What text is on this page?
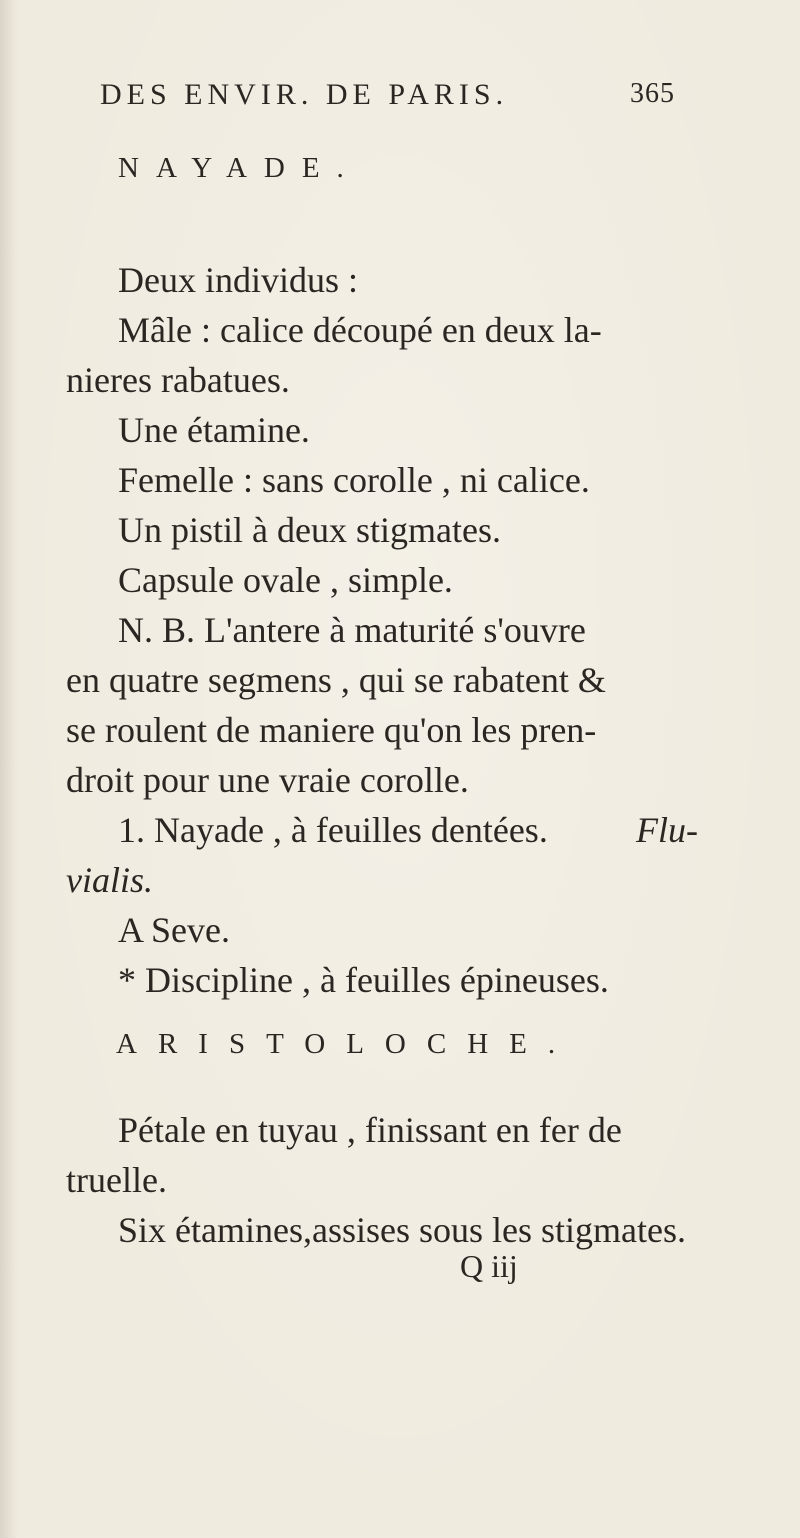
DES ENVIR. DE PARIS.	365
NAYADE.
Deux individus :
Mâle : calice découpé en deux la-
nieres rabatues.
Une étamine.
Femelle : sans corolle , ni calice.
Un pistil à deux stigmates.
Capsule ovale , simple.
N. B. L'antere à maturité s'ouvre
en quatre segmens , qui se rabatent &
se roulent de maniere qu'on les pren-
droit pour une vraie corolle.
1. Nayade , à feuilles dentées. Flu-
vialis.
A Seve.
* Discipline , à feuilles épineuses.
ARISTOLOCHE.
Pétale en tuyau , finissant en fer de
truelle.
Six étamines,assises sous les stigmates.
Q iij
